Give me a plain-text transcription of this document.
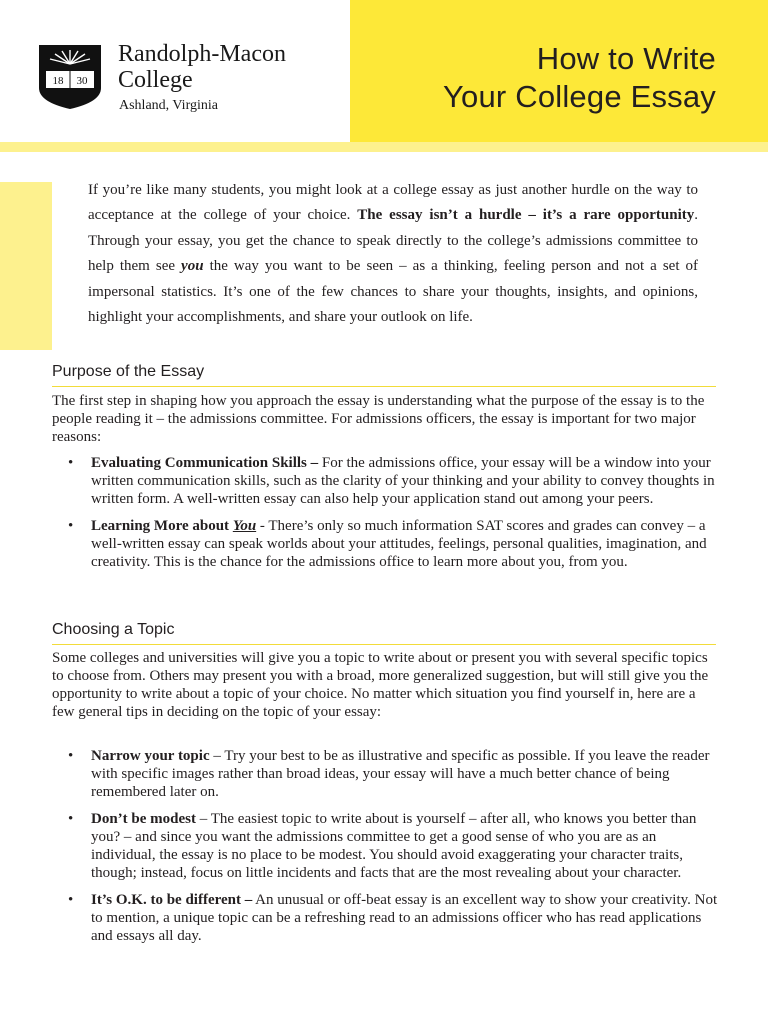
18 30
Randolph-Macon
College
Ashland, Virginia
How to Write
Your College Essay

If you’re like many students, you might look at a college essay as just another hurdle on the way to acceptance at the college of your choice. The essay isn’t a hurdle – it’s a rare opportunity. Through your essay, you get the chance to speak directly to the college’s admissions committee to help them see you the way you want to be seen – as a thinking, feeling person and not a set of impersonal statistics. It’s one of the few chances to share your thoughts, insights, and opinions, highlight your accomplishments, and share your outlook on life.

Purpose of the Essay

The first step in shaping how you approach the essay is understanding what the purpose of the essay is to the people reading it – the admissions committee. For admissions officers, the essay is important for two major reasons:

• Evaluating Communication Skills – For the admissions office, your essay will be a window into your written communication skills, such as the clarity of your thinking and your ability to convey thoughts in written form. A well-written essay can also help your application stand out among your peers.
• Learning More about You - There’s only so much information SAT scores and grades can convey – a well-written essay can speak worlds about your attitudes, feelings, personal qualities, imagination, and creativity. This is the chance for the admissions office to learn more about you, from you.
Choosing a Topic

Some colleges and universities will give you a topic to write about or present you with several specific topics to choose from. Others may present you with a broad, more generalized suggestion, but will still give you the opportunity to write about a topic of your choice. No matter which situation you find yourself in, here are a few general tips in deciding on the topic of your essay:

• Narrow your topic – Try your best to be as illustrative and specific as possible. If you leave the reader with specific images rather than broad ideas, your essay will have a much better chance of being remembered later on.
• Don’t be modest – The easiest topic to write about is yourself – after all, who knows you better than you? – and since you want the admissions committee to get a good sense of who you are as an individual, the essay is no place to be modest. You should avoid exaggerating your character traits, though; instead, focus on little incidents and facts that are the most revealing about your character.
• It’s O.K. to be different – An unusual or off-beat essay is an excellent way to show your creativity. Not to mention, a unique topic can be a refreshing read to an admissions officer who has read applications and essays all day.
